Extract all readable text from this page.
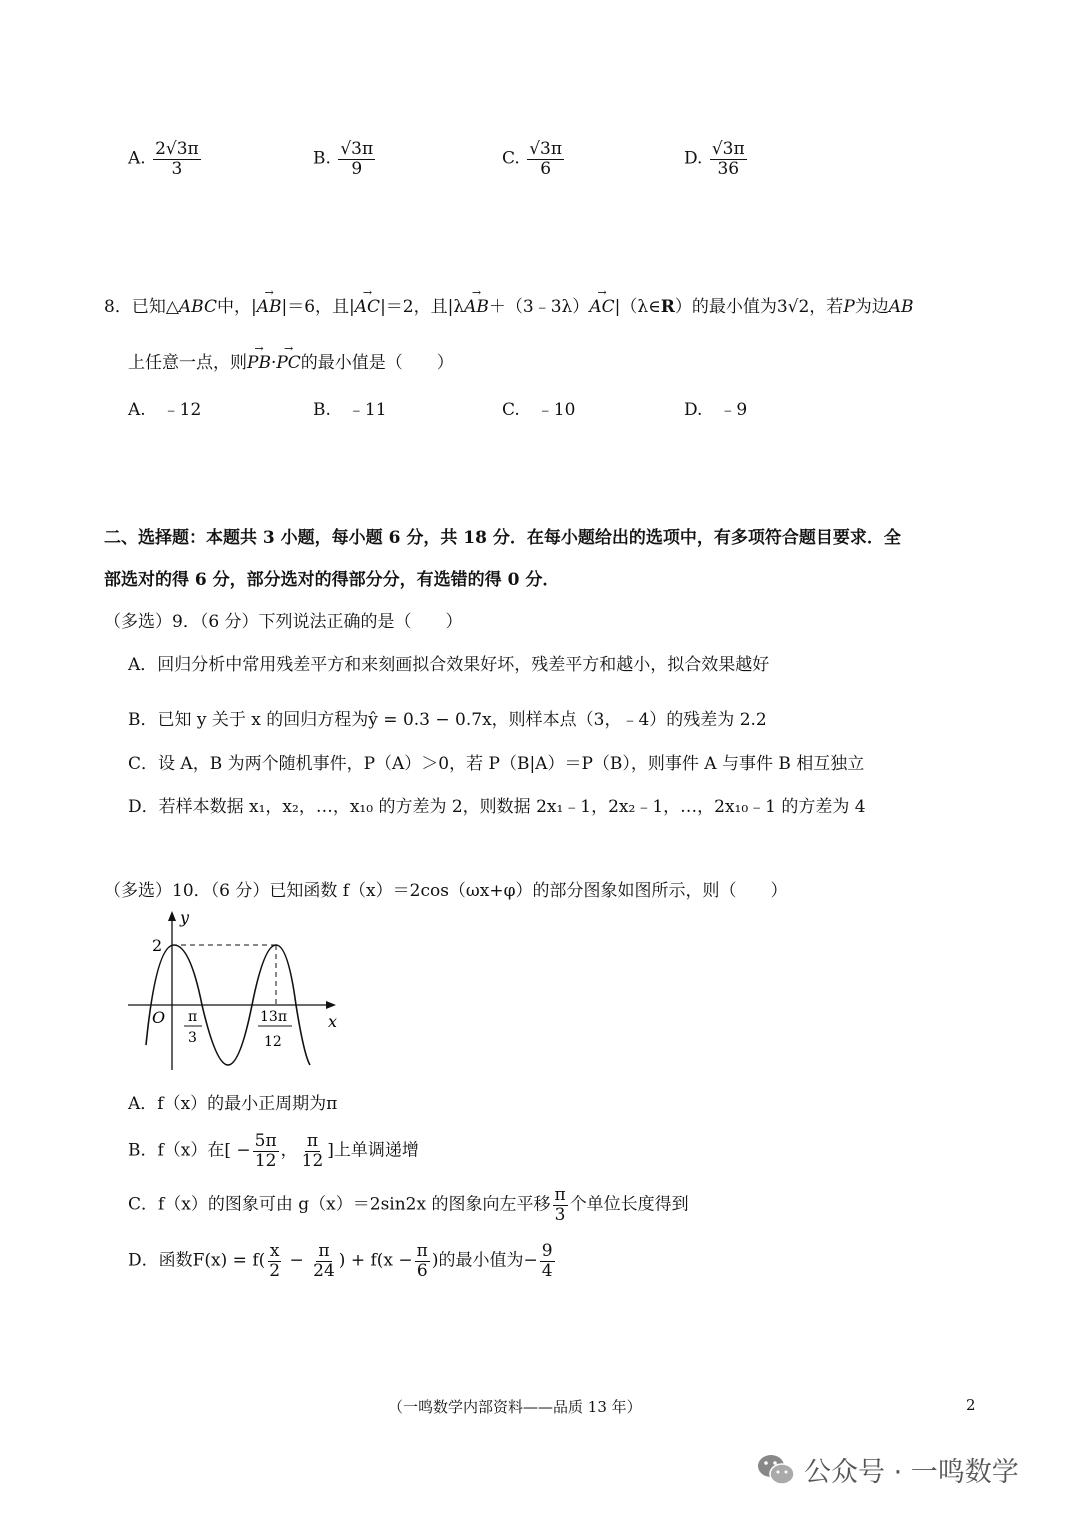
A. $\frac{2√3\pi}{3}$	B. $\frac{√3\pi}{9}$	C. $\frac{√3\pi}{6}$	D. $\frac{√3\pi}{36}$
8．已知△ABC中，|→ AB|＝6，且|→ AC|＝2，且|λ→ AB＋（3﹣3λ）→ AC|（λ∈R）的最小值为3√2，若P为边AB
上任意一点，则→ PB·→ PC的最小值是（　　）
A.　﹣12	B.　﹣11	C.　﹣10	D.　﹣9
二、选择题：本题共 3 小题，每小题 6 分，共 18 分．在每小题给出的选项中，有多项符合题目要求．全
部选对的得 6 分，部分选对的得部分分，有选错的得 0 分．
（多选）9．（6 分）下列说法正确的是（　　）
A．回归分析中常用残差平方和来刻画拟合效果好坏，残差平方和越小，拟合效果越好
B．已知 y 关于 x 的回归方程为ŷ = 0.3 − 0.7x，则样本点（3，﹣4）的残差为 2.2
C．设 A，B 为两个随机事件，P（A）＞0，若 P（B|A）＝P（B），则事件 A 与事件 B 相互独立
D．若样本数据 x₁，x₂，…，x₁₀ 的方差为 2，则数据 2x₁﹣1，2x₂﹣1，…，2x₁₀﹣1 的方差为 4
（多选）10．（6 分）已知函数 f（x）＝2cos（ωx+φ）的部分图象如图所示，则（　　）
y
x
O
2
π
3
13π
12
A．f（x）的最小正周期为π
B．f（x）在[ − $\frac{5\pi}{12}$ ， $\frac{\pi}{12}$ ]上单调递增
C．f（x）的图象可由 g（x）＝2sin2x 的图象向左平移 $\frac{\pi}{3}$ 个单位长度得到
D．函数$F(x) = f( \frac{x}{2} - \frac{\pi}{24}$ ) + $f(x - \frac{\pi}{6}$ )的最小值为− $\frac{9}{4}$
（一鸣数学内部资料——品质 13 年）	2
公众号 · 一鸣数学
